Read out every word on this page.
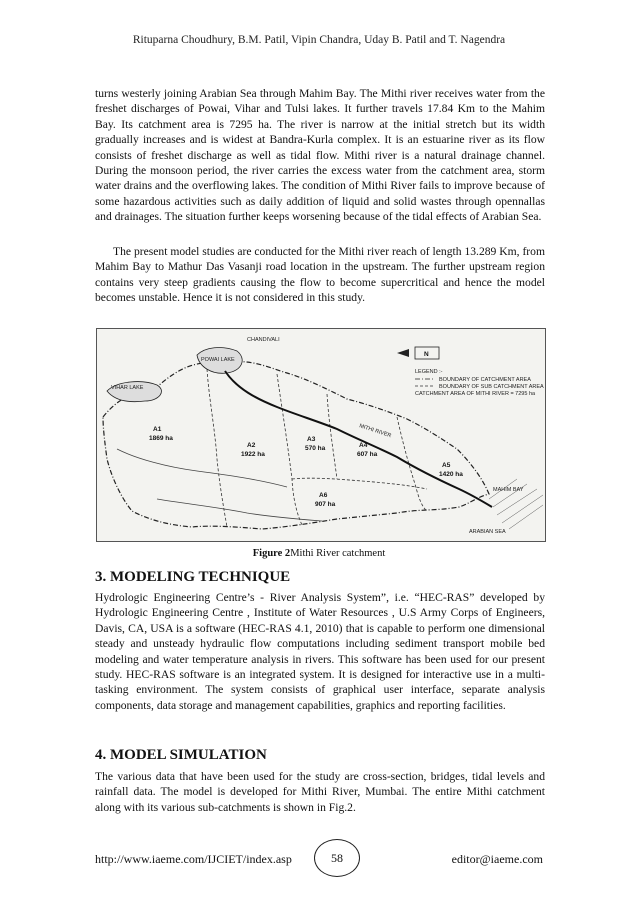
Rituparna Choudhury, B.M. Patil, Vipin Chandra, Uday B. Patil and T. Nagendra

turns westerly joining Arabian Sea through Mahim Bay. The Mithi river receives water from the freshet discharges of Powai, Vihar and Tulsi lakes. It further travels 17.84 Km to the Mahim Bay. Its catchment area is 7295 ha. The river is narrow at the initial stretch but its width gradually increases and is widest at Bandra-Kurla complex. It is an estuarine river as its flow consists of freshet discharge as well as tidal flow. Mithi river is a natural drainage channel. During the monsoon period, the river carries the excess water from the catchment area, storm water drains and the overflowing lakes. The condition of Mithi River fails to improve because of some hazardous activities such as daily addition of liquid and solid wastes through opennallas and drainages. The situation further keeps worsening because of the tidal effects of Arabian Sea.

The present model studies are conducted for the Mithi river reach of length 13.289 Km, from Mahim Bay to Mathur Das Vasanji road location in the upstream. The further upstream region contains very steep gradients causing the flow to become supercritical and hence the model becomes unstable. Hence it is not considered in this study.

N
LEGEND :-
BOUNDARY OF CATCHMENT AREA
BOUNDARY OF SUB CATCHMENT AREA
CATCHMENT AREA OF MITHI RIVER = 7295 ha
VIHAR LAKE
POWAI LAKE
CHANDIVALI
MITHI RIVER
A1
1869 ha
A2
1922 ha
A3
570 ha	A4
607 ha
A5
1420 ha
A6
907 ha
MAHIM BAY
ARABIAN SEA
Figure 2Mithi River catchment
3. MODELING TECHNIQUE

Hydrologic Engineering Centre’s - River Analysis System”, i.e. “HEC-RAS” developed by Hydrologic Engineering Centre , Institute of Water Resources , U.S Army Corps of Engineers, Davis, CA, USA is a software (HEC-RAS 4.1, 2010) that is capable to perform one dimensional steady and unsteady hydraulic flow computations including sediment transport mobile bed modeling and water temperature analysis in rivers. This software has been used for our present study. HEC-RAS software is an integrated system. It is designed for interactive use in a multi-tasking environment. The system consists of graphical user interface, separate analysis components, data storage and management capabilities, graphics and reporting facilities.

4. MODEL SIMULATION

The various data that have been used for the study are cross-section, bridges, tidal levels and rainfall data. The model is developed for Mithi River, Mumbai. The entire Mithi catchment along with its various sub-catchments is shown in Fig.2.

http://www.iaeme.com/IJCIET/index.asp	58	editor@iaeme.com
